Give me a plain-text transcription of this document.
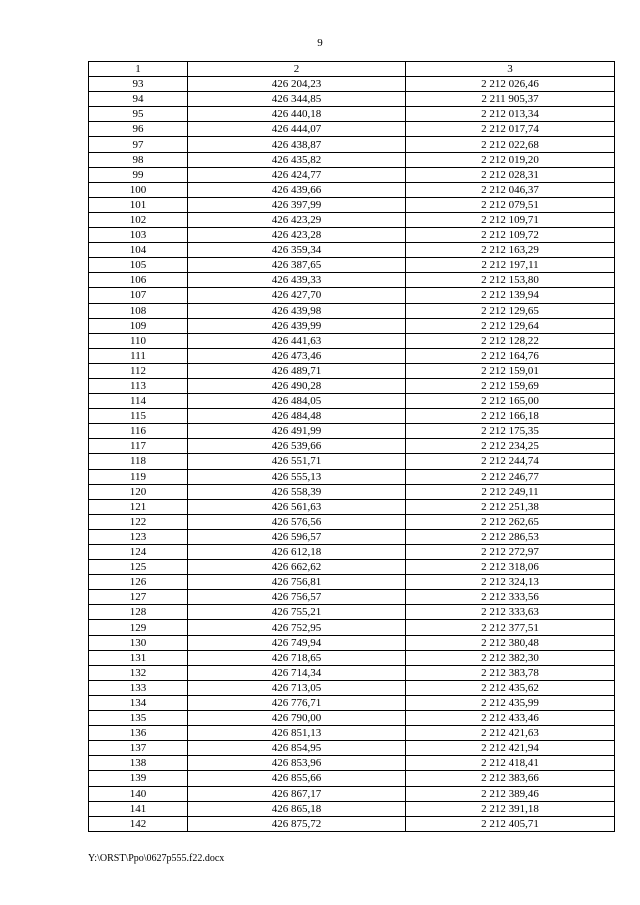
9
1	2	3
93	426 204,23	2 212 026,46
94	426 344,85	2 211 905,37
95	426 440,18	2 212 013,34
96	426 444,07	2 212 017,74
97	426 438,87	2 212 022,68
98	426 435,82	2 212 019,20
99	426 424,77	2 212 028,31
100	426 439,66	2 212 046,37
101	426 397,99	2 212 079,51
102	426 423,29	2 212 109,71
103	426 423,28	2 212 109,72
104	426 359,34	2 212 163,29
105	426 387,65	2 212 197,11
106	426 439,33	2 212 153,80
107	426 427,70	2 212 139,94
108	426 439,98	2 212 129,65
109	426 439,99	2 212 129,64
110	426 441,63	2 212 128,22
111	426 473,46	2 212 164,76
112	426 489,71	2 212 159,01
113	426 490,28	2 212 159,69
114	426 484,05	2 212 165,00
115	426 484,48	2 212 166,18
116	426 491,99	2 212 175,35
117	426 539,66	2 212 234,25
118	426 551,71	2 212 244,74
119	426 555,13	2 212 246,77
120	426 558,39	2 212 249,11
121	426 561,63	2 212 251,38
122	426 576,56	2 212 262,65
123	426 596,57	2 212 286,53
124	426 612,18	2 212 272,97
125	426 662,62	2 212 318,06
126	426 756,81	2 212 324,13
127	426 756,57	2 212 333,56
128	426 755,21	2 212 333,63
129	426 752,95	2 212 377,51
130	426 749,94	2 212 380,48
131	426 718,65	2 212 382,30
132	426 714,34	2 212 383,78
133	426 713,05	2 212 435,62
134	426 776,71	2 212 435,99
135	426 790,00	2 212 433,46
136	426 851,13	2 212 421,63
137	426 854,95	2 212 421,94
138	426 853,96	2 212 418,41
139	426 855,66	2 212 383,66
140	426 867,17	2 212 389,46
141	426 865,18	2 212 391,18
142	426 875,72	2 212 405,71
Y:\ORST\Ppo\0627p555.f22.docx
